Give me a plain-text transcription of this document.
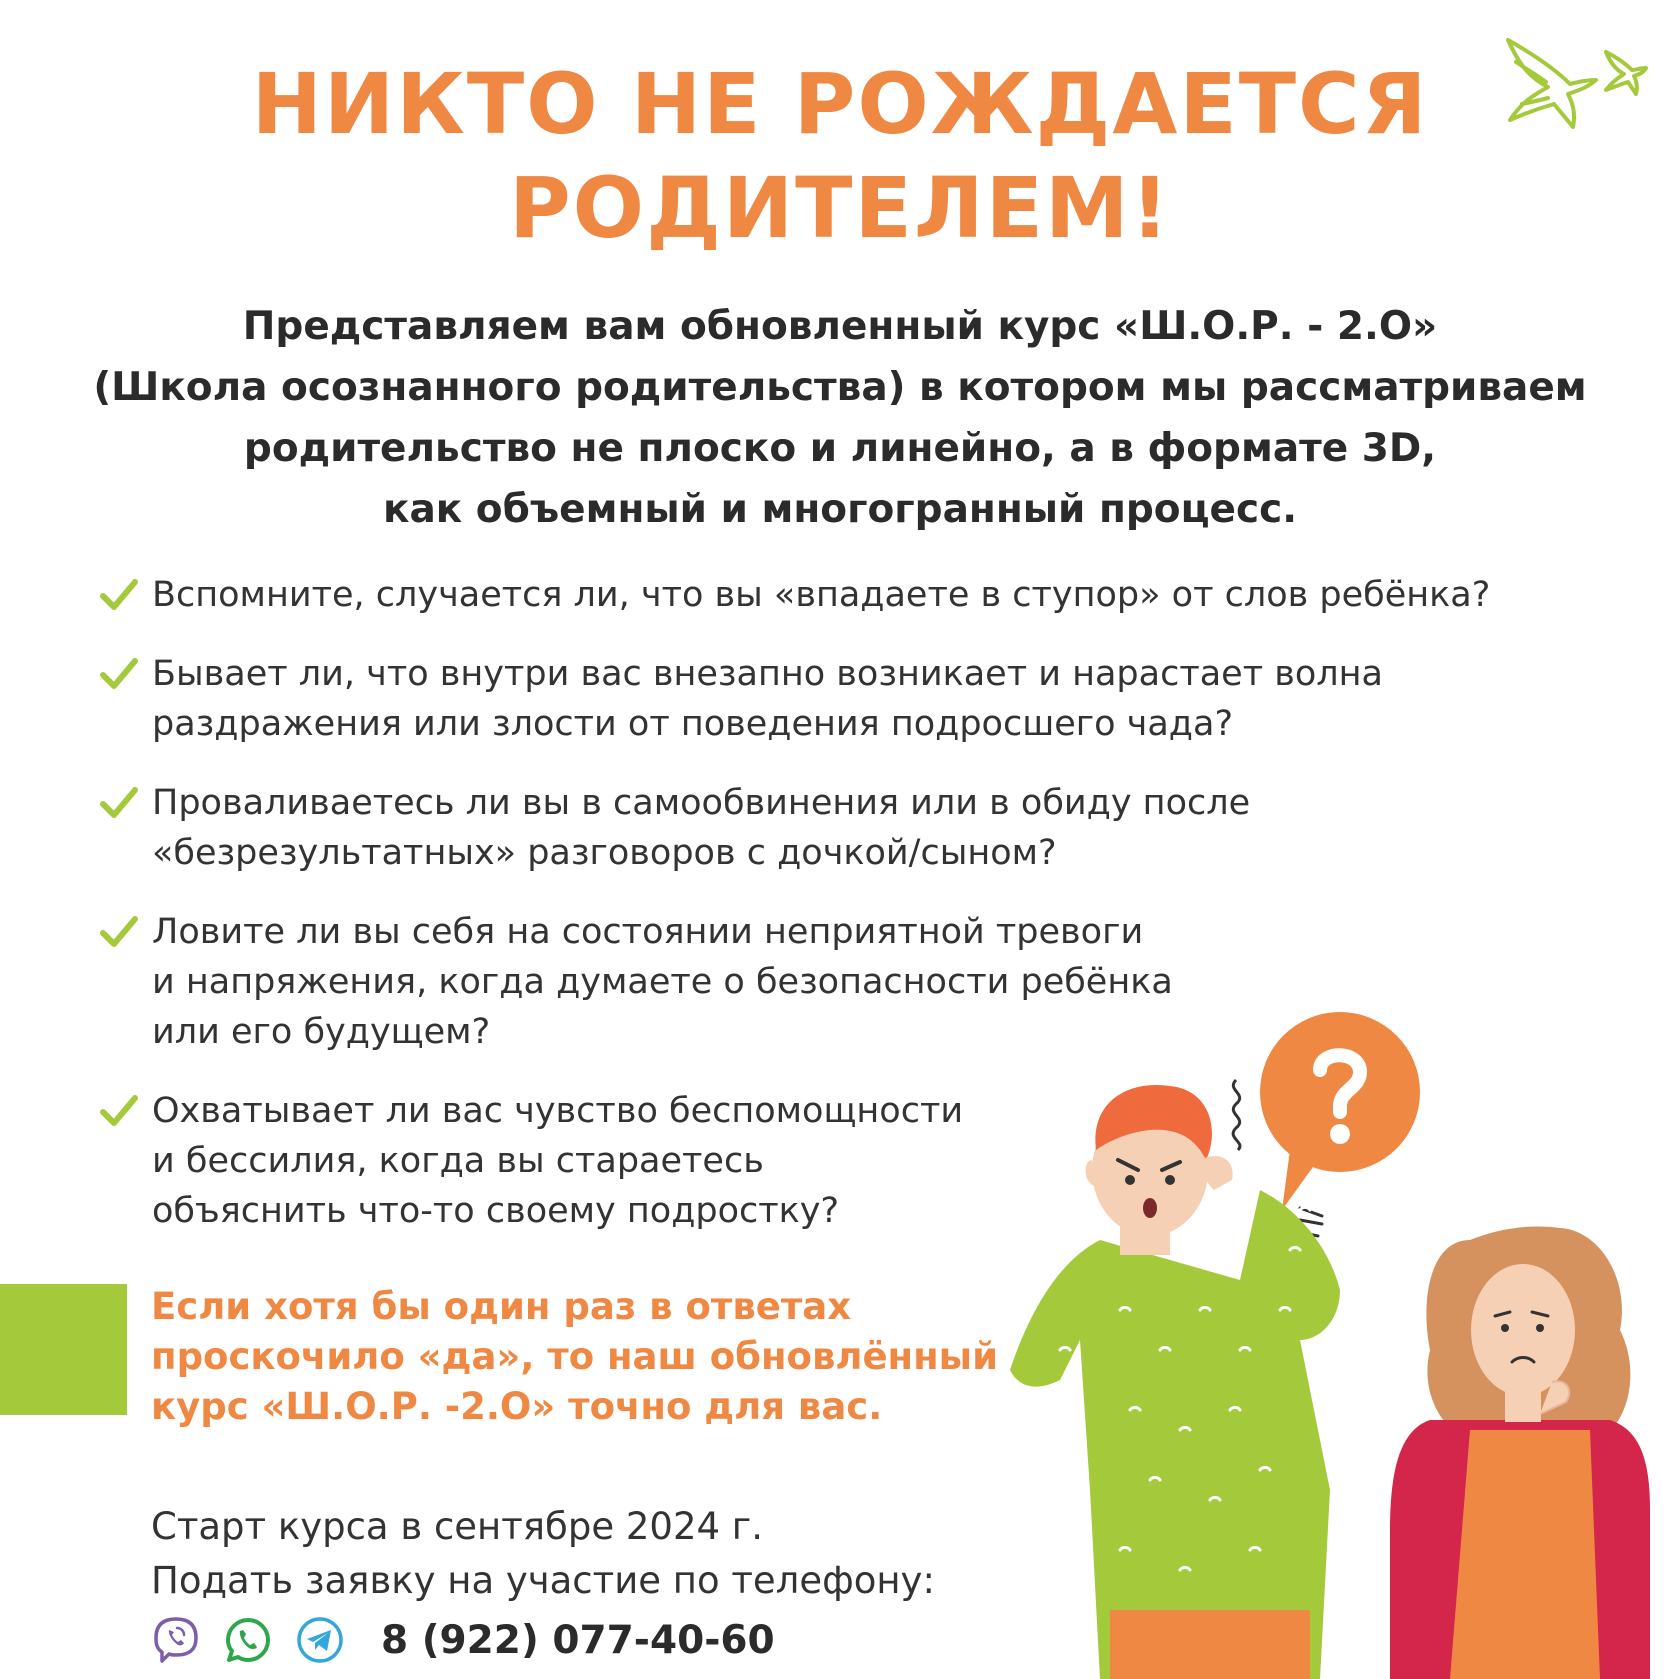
НИКТО НЕ РОЖДАЕТСЯ
РОДИТЕЛЕМ!
Представляем вам обновленный курс «Ш.О.Р. - 2.О»
(Школа осознанного родительства) в котором мы рассматриваем
родительство не плоско и линейно, а в формате 3D,
как объемный и многогранный процесс.
Вспомните, случается ли, что вы «впадаете в ступор» от слов ребёнка?
Бывает ли, что внутри вас внезапно возникает и нарастает волна
раздражения или злости от поведения подросшего чада?
Проваливаетесь ли вы в самообвинения или в обиду после
«безрезультатных» разговоров с дочкой/сыном?
Ловите ли вы себя на состоянии неприятной тревоги
и напряжения, когда думаете о безопасности ребёнка
или его будущем?
Охватывает ли вас чувство беспомощности
и бессилия, когда вы стараетесь
объяснить что-то своему подростку?
Если хотя бы один раз в ответах
проскочило «да», то наш обновлённый
курс «Ш.О.Р. -2.О» точно для вас.
Старт курса в сентябре 2024 г.
Подать заявку на участие по телефону:
8 (922) 077-40-60
